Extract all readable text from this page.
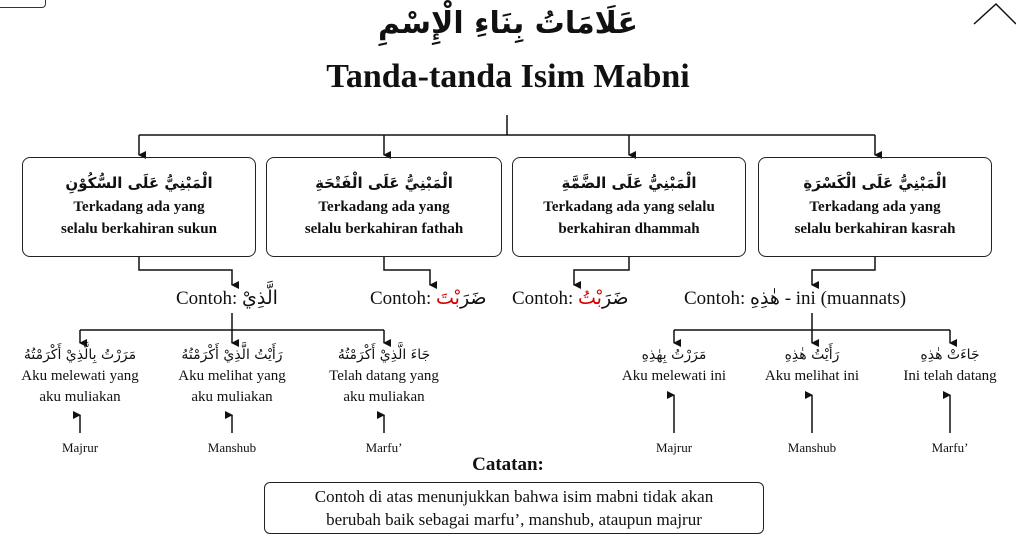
عَلَامَاتُ بِنَاءِ الْإِسْمِ
Tanda-tanda Isim Mabni
الْمَبْنِيُّ عَلَى السُّكُوْنِ
Terkadang ada yang
selalu berkahiran sukun
الْمَبْنِيُّ عَلَى الْفَتْحَةِ
Terkadang ada yang
selalu berkahiran fathah
الْمَبْنِيُّ عَلَى الضَّمَّةِ
Terkadang ada yang selalu
berkahiran dhammah
الْمَبْنِيُّ عَلَى الْكَسْرَةِ
Terkadang ada yang
selalu berkahiran kasrah
Contoh: الَّذِيْ	Contoh: ضَرَبْتَ	Contoh: ضَرَبْتُ	Contoh: هٰذِهِ - ini (muannats)
مَرَرْتُ بِالَّذِيْ أَكْرَمْتُهُ
Aku melewati yang
aku muliakan
رَأَيْتُ الَّذِيْ أَكْرَمْتُهُ
Aku melihat yang
aku muliakan
جَاءَ الَّذِيْ أَكْرَمْتُهُ
Telah datang yang
aku muliakan
مَرَرْتُ بِهٰذِهِ
Aku melewati ini
رَأَيْتُ هٰذِهِ
Aku melihat ini
جَاءَتْ هٰذِهِ
Ini telah datang
Majrur	Manshub	Marfu’	Majrur	Manshub	Marfu’
Catatan:
Contoh di atas menunjukkan bahwa isim mabni tidak akan
berubah baik sebagai marfu’, manshub, ataupun majrur
